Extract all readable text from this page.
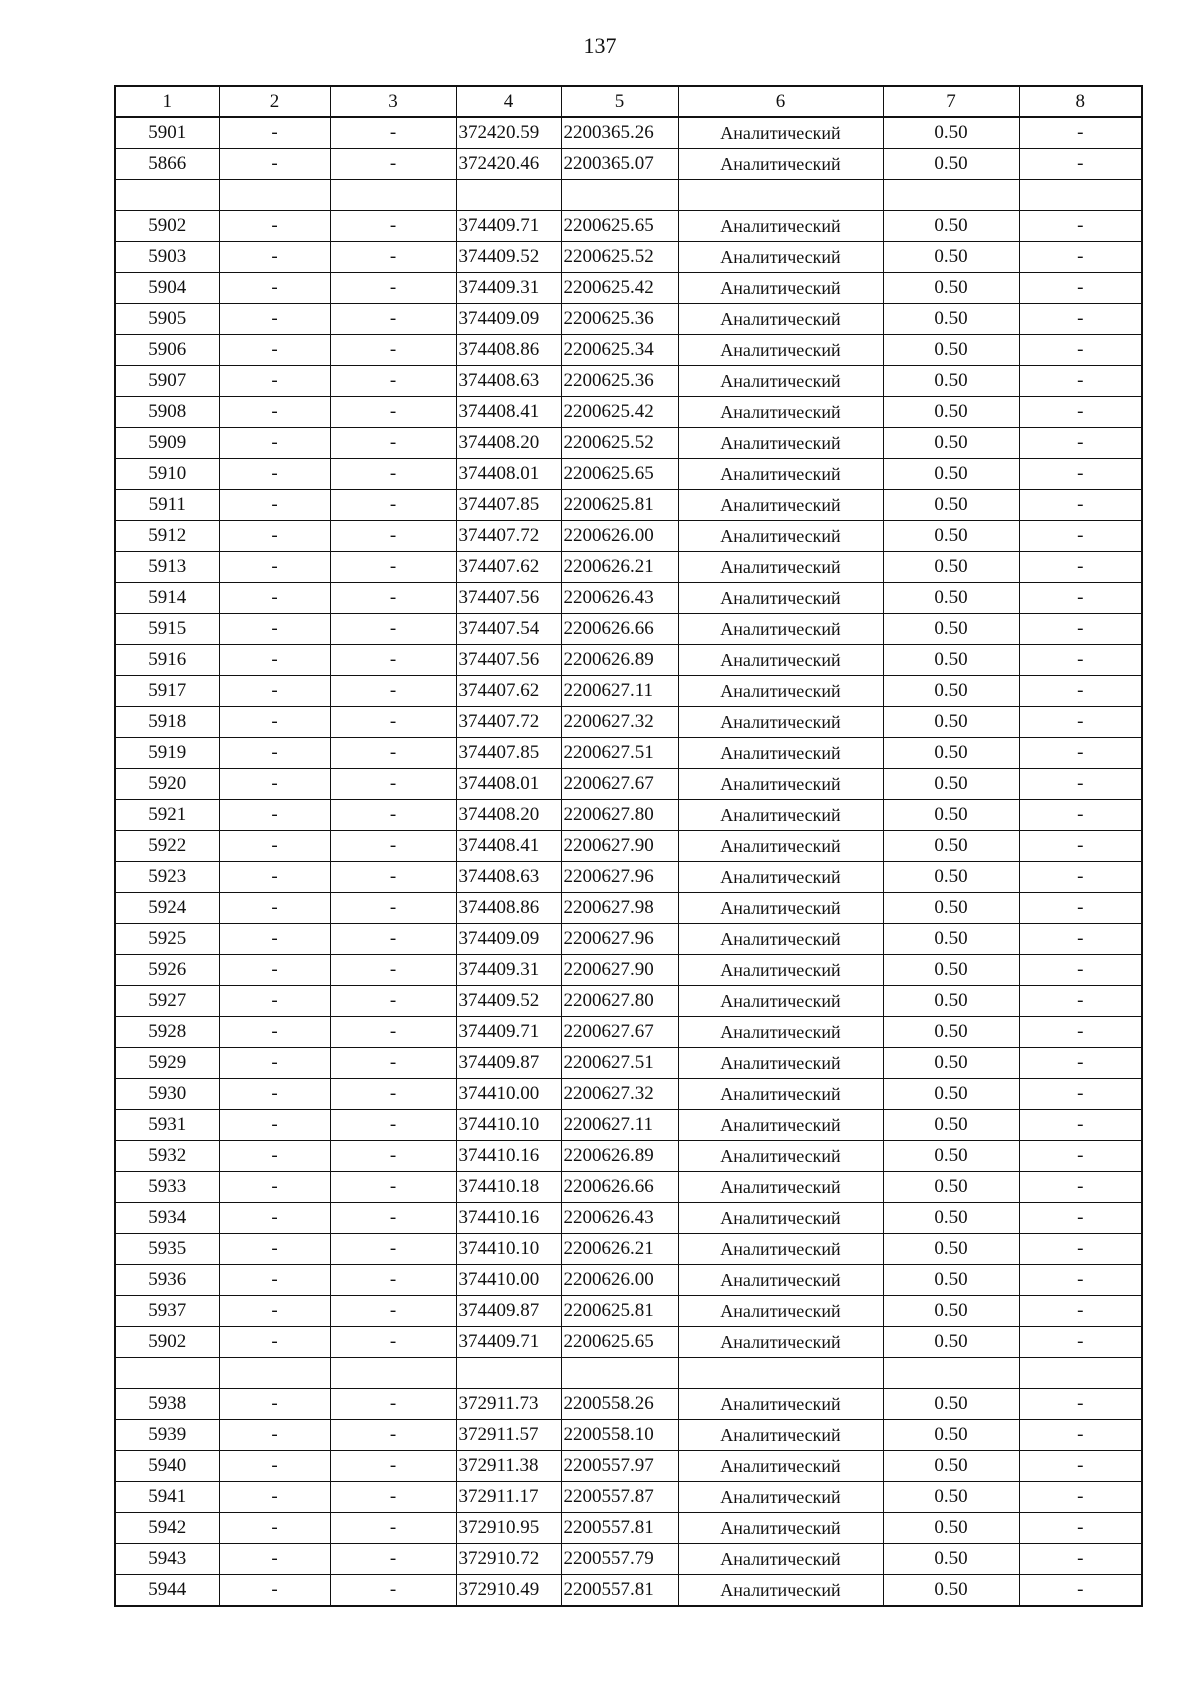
137
1	2	3	4	5	6	7	8
5901	-	-	372420.59	2200365.26	Аналитический	0.50	-
5866	-	-	372420.46	2200365.07	Аналитический	0.50	-

5902	-	-	374409.71	2200625.65	Аналитический	0.50	-
5903	-	-	374409.52	2200625.52	Аналитический	0.50	-
5904	-	-	374409.31	2200625.42	Аналитический	0.50	-
5905	-	-	374409.09	2200625.36	Аналитический	0.50	-
5906	-	-	374408.86	2200625.34	Аналитический	0.50	-
5907	-	-	374408.63	2200625.36	Аналитический	0.50	-
5908	-	-	374408.41	2200625.42	Аналитический	0.50	-
5909	-	-	374408.20	2200625.52	Аналитический	0.50	-
5910	-	-	374408.01	2200625.65	Аналитический	0.50	-
5911	-	-	374407.85	2200625.81	Аналитический	0.50	-
5912	-	-	374407.72	2200626.00	Аналитический	0.50	-
5913	-	-	374407.62	2200626.21	Аналитический	0.50	-
5914	-	-	374407.56	2200626.43	Аналитический	0.50	-
5915	-	-	374407.54	2200626.66	Аналитический	0.50	-
5916	-	-	374407.56	2200626.89	Аналитический	0.50	-
5917	-	-	374407.62	2200627.11	Аналитический	0.50	-
5918	-	-	374407.72	2200627.32	Аналитический	0.50	-
5919	-	-	374407.85	2200627.51	Аналитический	0.50	-
5920	-	-	374408.01	2200627.67	Аналитический	0.50	-
5921	-	-	374408.20	2200627.80	Аналитический	0.50	-
5922	-	-	374408.41	2200627.90	Аналитический	0.50	-
5923	-	-	374408.63	2200627.96	Аналитический	0.50	-
5924	-	-	374408.86	2200627.98	Аналитический	0.50	-
5925	-	-	374409.09	2200627.96	Аналитический	0.50	-
5926	-	-	374409.31	2200627.90	Аналитический	0.50	-
5927	-	-	374409.52	2200627.80	Аналитический	0.50	-
5928	-	-	374409.71	2200627.67	Аналитический	0.50	-
5929	-	-	374409.87	2200627.51	Аналитический	0.50	-
5930	-	-	374410.00	2200627.32	Аналитический	0.50	-
5931	-	-	374410.10	2200627.11	Аналитический	0.50	-
5932	-	-	374410.16	2200626.89	Аналитический	0.50	-
5933	-	-	374410.18	2200626.66	Аналитический	0.50	-
5934	-	-	374410.16	2200626.43	Аналитический	0.50	-
5935	-	-	374410.10	2200626.21	Аналитический	0.50	-
5936	-	-	374410.00	2200626.00	Аналитический	0.50	-
5937	-	-	374409.87	2200625.81	Аналитический	0.50	-
5902	-	-	374409.71	2200625.65	Аналитический	0.50	-

5938	-	-	372911.73	2200558.26	Аналитический	0.50	-
5939	-	-	372911.57	2200558.10	Аналитический	0.50	-
5940	-	-	372911.38	2200557.97	Аналитический	0.50	-
5941	-	-	372911.17	2200557.87	Аналитический	0.50	-
5942	-	-	372910.95	2200557.81	Аналитический	0.50	-
5943	-	-	372910.72	2200557.79	Аналитический	0.50	-
5944	-	-	372910.49	2200557.81	Аналитический	0.50	-
